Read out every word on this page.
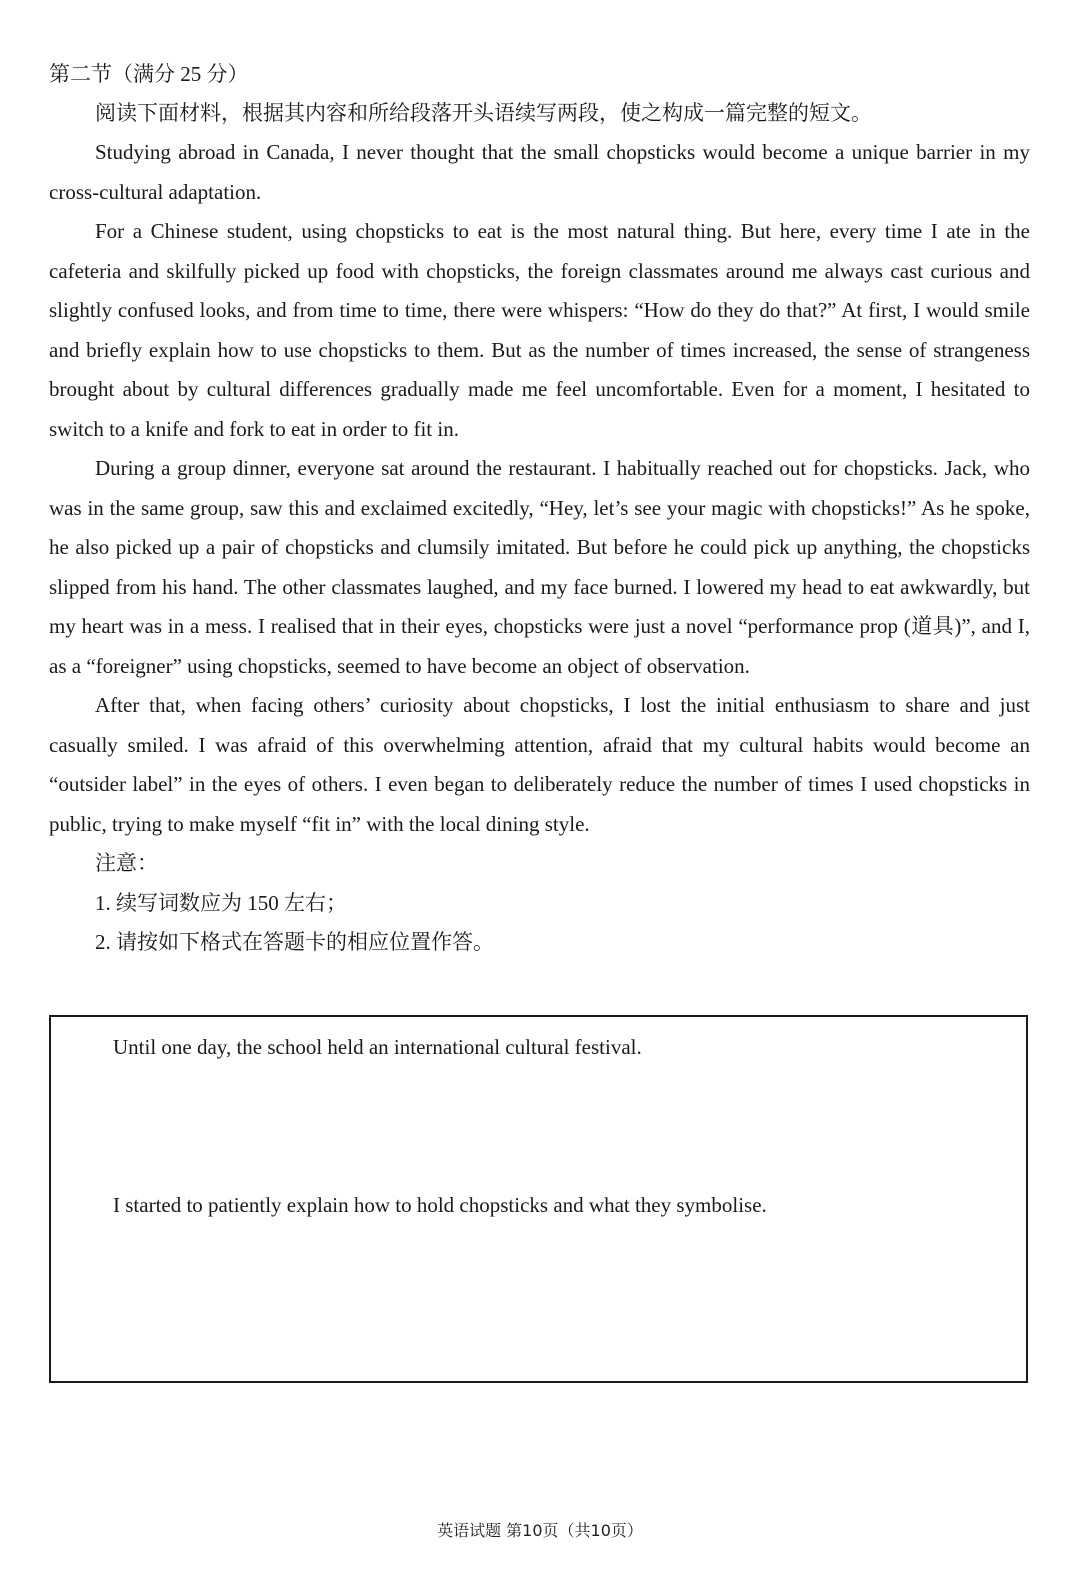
第二节（满分 25 分）

阅读下面材料，根据其内容和所给段落开头语续写两段，使之构成一篇完整的短文。

Studying abroad in Canada, I never thought that the small chopsticks would become a unique barrier in my cross-cultural adaptation.

For a Chinese student, using chopsticks to eat is the most natural thing. But here, every time I ate in the cafeteria and skilfully picked up food with chopsticks, the foreign classmates around me always cast curious and slightly confused looks, and from time to time, there were whispers: “How do they do that?” At first, I would smile and briefly explain how to use chopsticks to them. But as the number of times increased, the sense of strangeness brought about by cultural differences gradually made me feel uncomfortable. Even for a moment, I hesitated to switch to a knife and fork to eat in order to fit in.

During a group dinner, everyone sat around the restaurant. I habitually reached out for chopsticks. Jack, who was in the same group, saw this and exclaimed excitedly, “Hey, let’s see your magic with chopsticks!” As he spoke, he also picked up a pair of chopsticks and clumsily imitated. But before he could pick up anything, the chopsticks slipped from his hand. The other classmates laughed, and my face burned. I lowered my head to eat awkwardly, but my heart was in a mess. I realised that in their eyes, chopsticks were just a novel “performance prop (道具)”, and I, as a “foreigner” using chopsticks, seemed to have become an object of observation.

After that, when facing others’ curiosity about chopsticks, I lost the initial enthusiasm to share and just casually smiled. I was afraid of this overwhelming attention, afraid that my cultural habits would become an “outsider label” in the eyes of others. I even began to deliberately reduce the number of times I used chopsticks in public, trying to make myself “fit in” with the local dining style.

注意：

1. 续写词数应为 150 左右；

2. 请按如下格式在答题卡的相应位置作答。

Until one day, the school held an international cultural festival.

I started to patiently explain how to hold chopsticks and what they symbolise.

英语试题 第10页（共10页）
